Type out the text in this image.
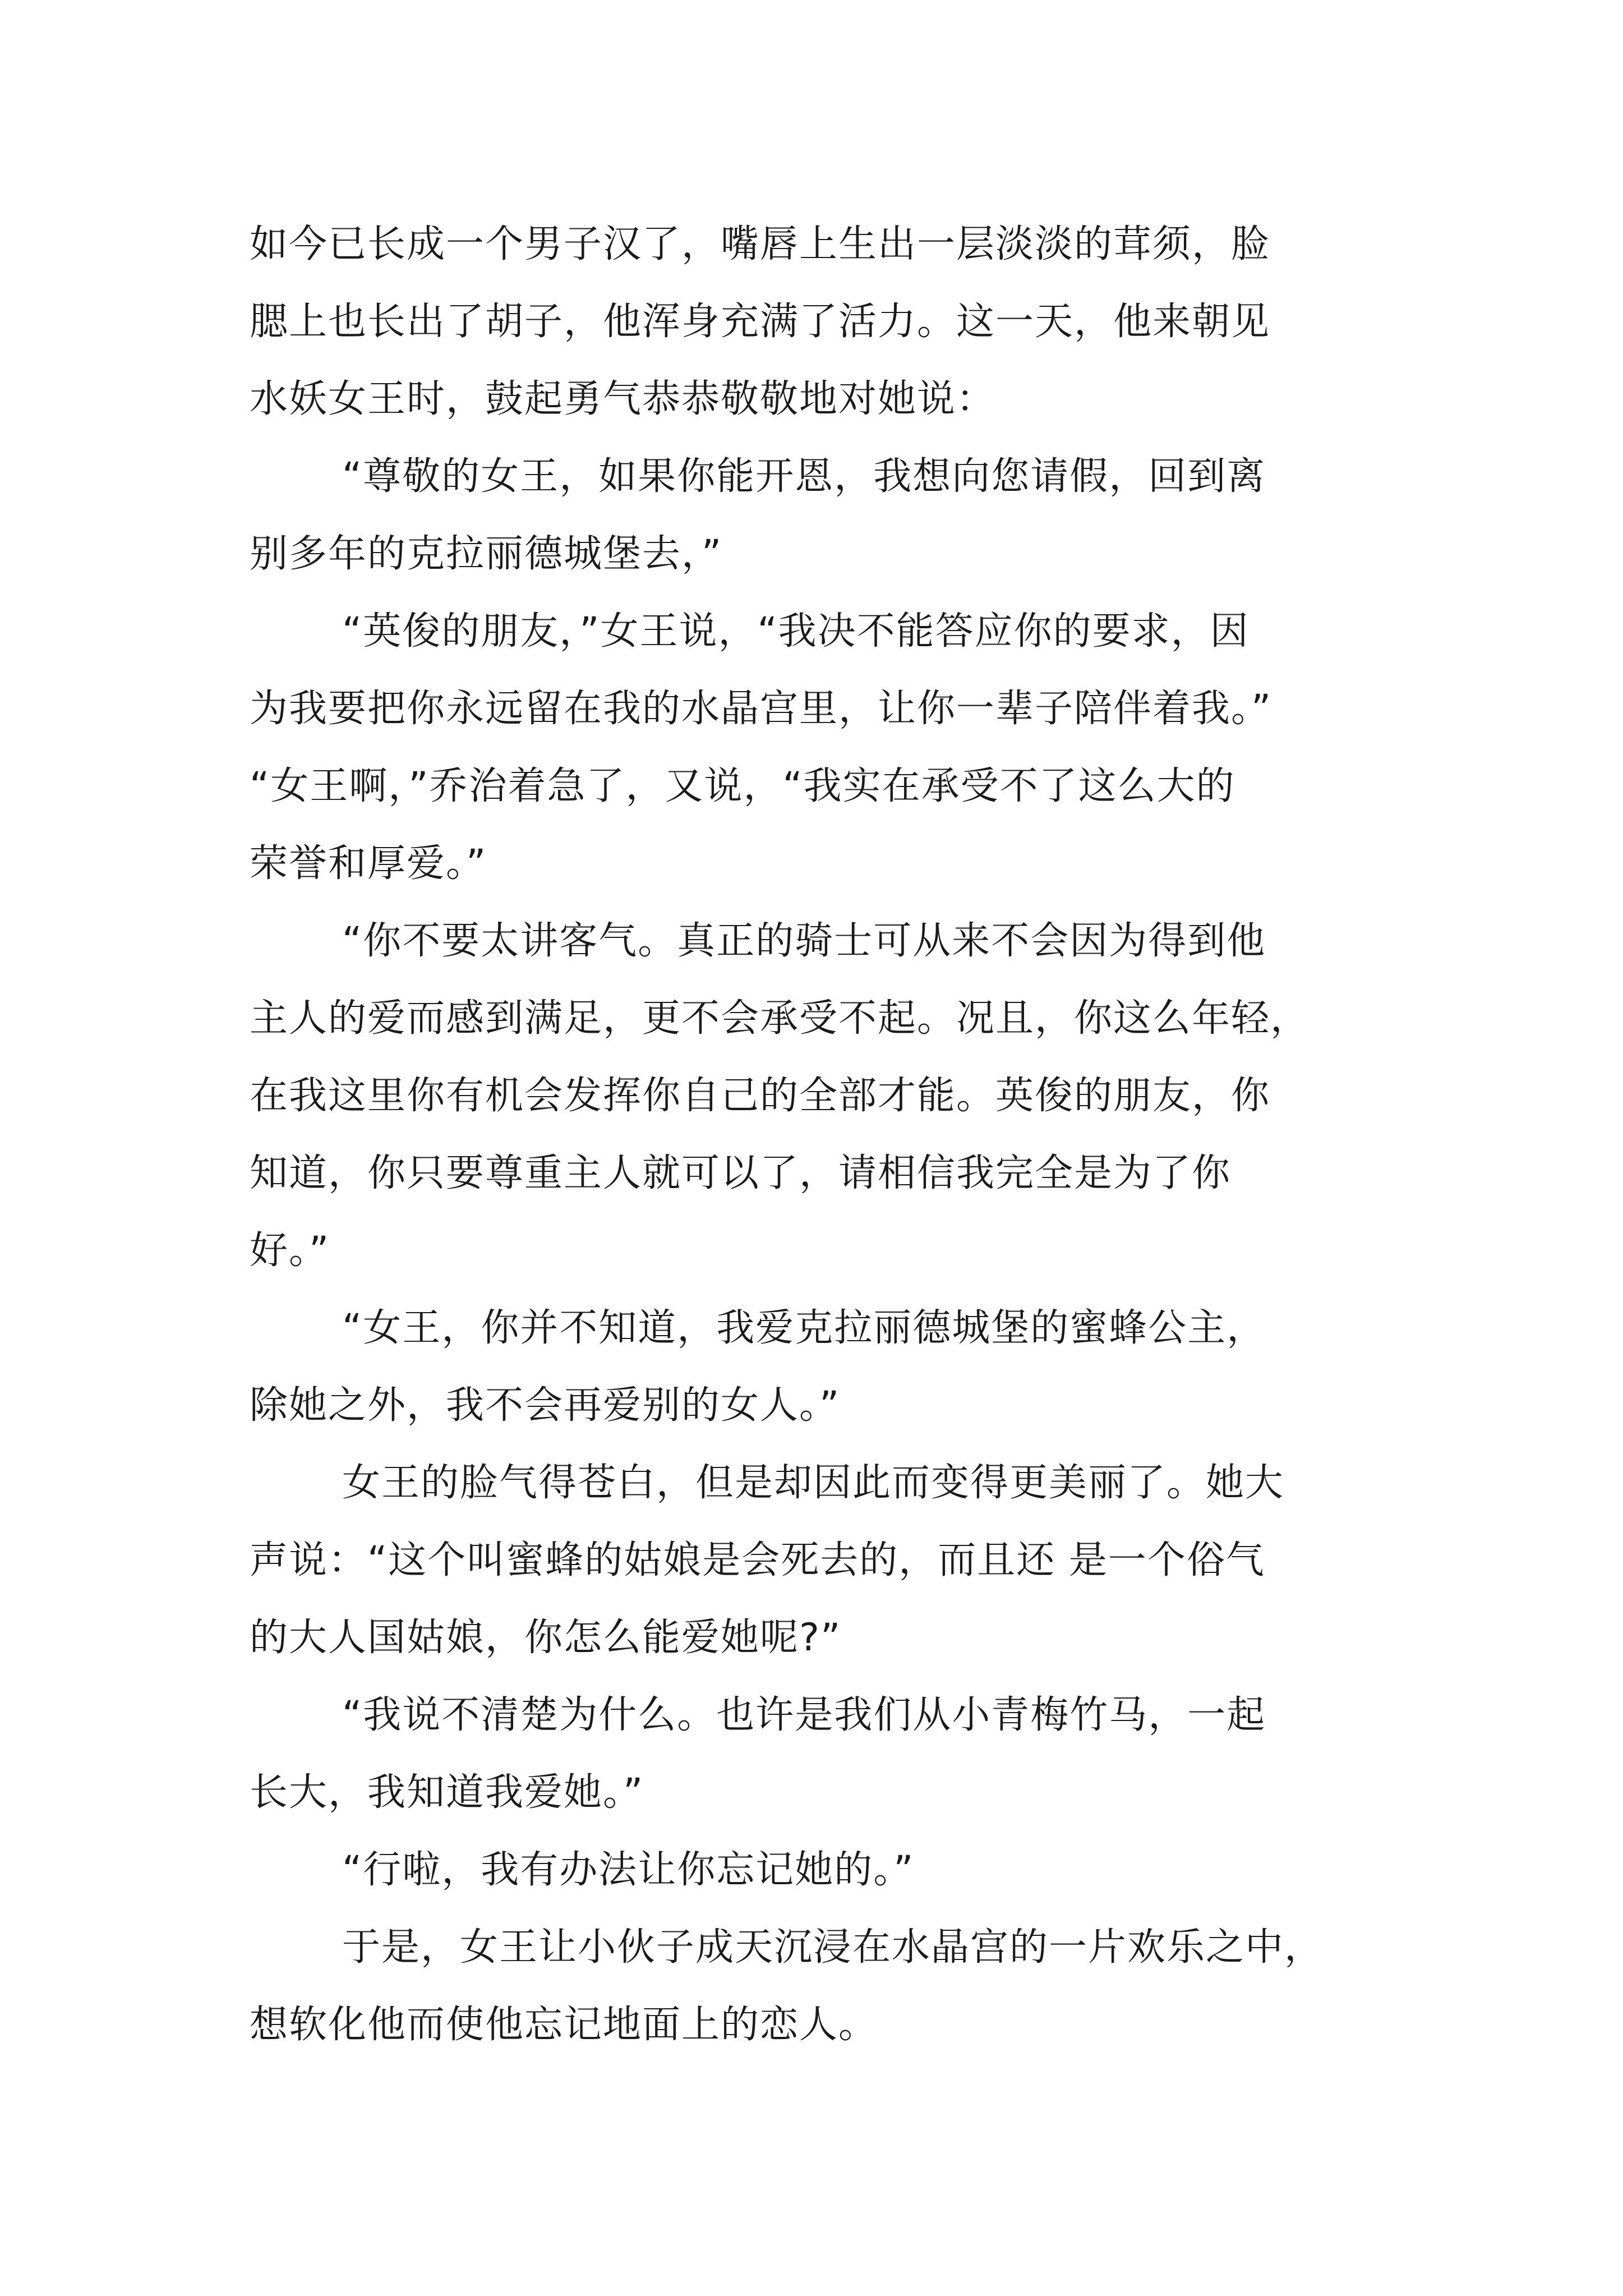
如今已长成一个男子汉了，嘴唇上生出一层淡淡的茸须，脸
腮上也长出了胡子，他浑身充满了活力。这一天，他来朝见
水妖女王时，鼓起勇气恭恭敬敬地对她说：
“尊敬的女王，如果你能开恩，我想向您请假，回到离
别多年的克拉丽德城堡去，”
“英俊的朋友，”女王说，“我决不能答应你的要求，因
为我要把你永远留在我的水晶宫里，让你一辈子陪伴着我。”
“女王啊，”乔治着急了，又说，“我实在承受不了这么大的
荣誉和厚爱。”
“你不要太讲客气。真正的骑士可从来不会因为得到他
主人的爱而感到满足，更不会承受不起。况且，你这么年轻，
在我这里你有机会发挥你自己的全部才能。英俊的朋友，你
知道，你只要尊重主人就可以了，请相信我完全是为了你
好。”
“女王，你并不知道，我爱克拉丽德城堡的蜜蜂公主，
除她之外，我不会再爱别的女人。”
女王的脸气得苍白，但是却因此而变得更美丽了。她大
声说：“这个叫蜜蜂的姑娘是会死去的，而且还 是一个俗气
的大人国姑娘，你怎么能爱她呢?”
“我说不清楚为什么。也许是我们从小青梅竹马，一起
长大，我知道我爱她。”
“行啦，我有办法让你忘记她的。”
于是，女王让小伙子成天沉浸在水晶宫的一片欢乐之中，
想软化他而使他忘记地面上的恋人。
